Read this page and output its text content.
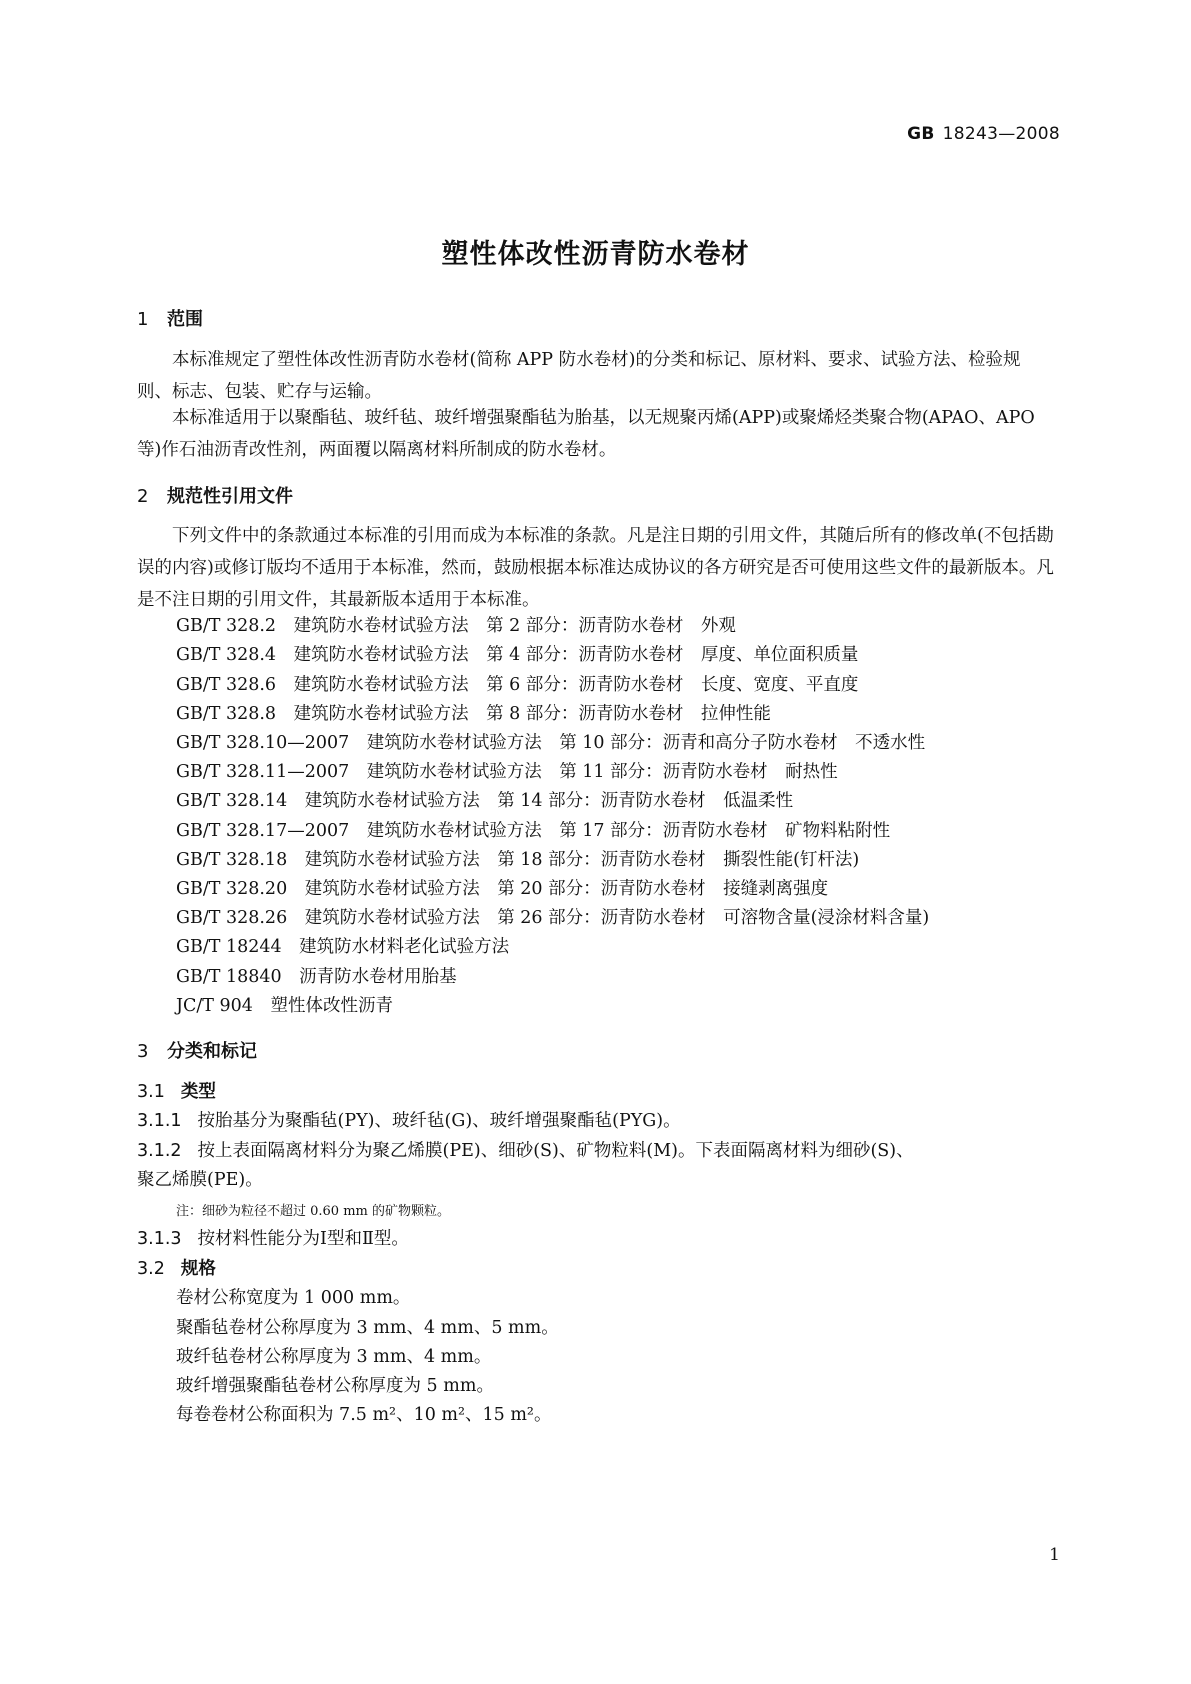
GB 18243—2008
塑性体改性沥青防水卷材
1 范围
本标准规定了塑性体改性沥青防水卷材(简称 APP 防水卷材)的分类和标记、原材料、要求、试验方法、检验规则、标志、包装、贮存与运输。
本标准适用于以聚酯毡、玻纤毡、玻纤增强聚酯毡为胎基，以无规聚丙烯(APP)或聚烯烃类聚合物(APAO、APO 等)作石油沥青改性剂，两面覆以隔离材料所制成的防水卷材。
2 规范性引用文件
下列文件中的条款通过本标准的引用而成为本标准的条款。凡是注日期的引用文件，其随后所有的修改单(不包括勘误的内容)或修订版均不适用于本标准，然而，鼓励根据本标准达成协议的各方研究是否可使用这些文件的最新版本。凡是不注日期的引用文件，其最新版本适用于本标准。
GB/T 328.2　建筑防水卷材试验方法　第 2 部分：沥青防水卷材　外观
GB/T 328.4　建筑防水卷材试验方法　第 4 部分：沥青防水卷材　厚度、单位面积质量
GB/T 328.6　建筑防水卷材试验方法　第 6 部分：沥青防水卷材　长度、宽度、平直度
GB/T 328.8　建筑防水卷材试验方法　第 8 部分：沥青防水卷材　拉伸性能
GB/T 328.10—2007　建筑防水卷材试验方法　第 10 部分：沥青和高分子防水卷材　不透水性
GB/T 328.11—2007　建筑防水卷材试验方法　第 11 部分：沥青防水卷材　耐热性
GB/T 328.14　建筑防水卷材试验方法　第 14 部分：沥青防水卷材　低温柔性
GB/T 328.17—2007　建筑防水卷材试验方法　第 17 部分：沥青防水卷材　矿物料粘附性
GB/T 328.18　建筑防水卷材试验方法　第 18 部分：沥青防水卷材　撕裂性能(钉杆法)
GB/T 328.20　建筑防水卷材试验方法　第 20 部分：沥青防水卷材　接缝剥离强度
GB/T 328.26　建筑防水卷材试验方法　第 26 部分：沥青防水卷材　可溶物含量(浸涂材料含量)
GB/T 18244　建筑防水材料老化试验方法
GB/T 18840　沥青防水卷材用胎基
JC/T 904　塑性体改性沥青
3 分类和标记
3.1 类型
3.1.1 按胎基分为聚酯毡(PY)、玻纤毡(G)、玻纤增强聚酯毡(PYG)。
3.1.2 按上表面隔离材料分为聚乙烯膜(PE)、细砂(S)、矿物粒料(M)。下表面隔离材料为细砂(S)、
聚乙烯膜(PE)。
注：细砂为粒径不超过 0.60 mm 的矿物颗粒。
3.1.3 按材料性能分为Ⅰ型和Ⅱ型。
3.2 规格
卷材公称宽度为 1 000 mm。
聚酯毡卷材公称厚度为 3 mm、4 mm、5 mm。
玻纤毡卷材公称厚度为 3 mm、4 mm。
玻纤增强聚酯毡卷材公称厚度为 5 mm。
每卷卷材公称面积为 7.5 m²、10 m²、15 m²。
1
